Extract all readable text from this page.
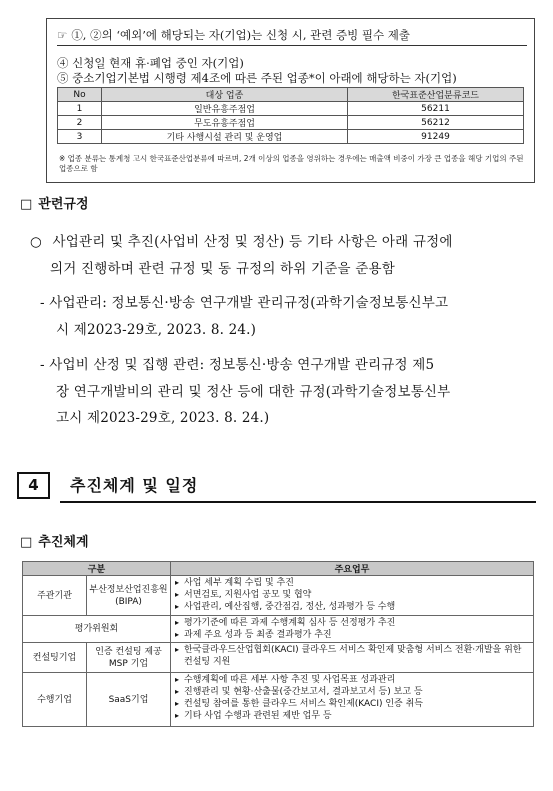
☞ ①, ②의 ‘예외’에 해당되는 자(기업)는 신청 시, 관련 증빙 필수 제출
④ 신청일 현재 휴·폐업 중인 자(기업)
⑤ 중소기업기본법 시행령 제4조에 따른 주된 업종*이 아래에 해당하는 자(기업)
No	대상 업종	한국표준산업분류코드
1	일반유흥주점업	56211
2	무도유흥주점업	56212
3	기타 사행시설 관리 및 운영업	91249
※ 업종 분류는 통계청 고시 한국표준산업분류에 따르며, 2개 이상의 업종을 영위하는 경우에는 매출액 비중이 가장 큰 업종을 해당 기업의 주된 업종으로 함
□ 관련규정
○ 사업관리 및 추진(사업비 산정 및 정산) 등 기타 사항은 아래 규정에
의거 진행하며 관련 규정 및 동 규정의 하위 기준을 준용함
- 사업관리: 정보통신·방송 연구개발 관리규정(과학기술정보통신부고
시 제2023-29호, 2023. 8. 24.)
- 사업비 산정 및 집행 관련: 정보통신·방송 연구개발 관리규정 제5
장 연구개발비의 관리 및 정산 등에 대한 규정(과학기술정보통신부
고시 제2023-29호, 2023. 8. 24.)
4	추진체계 및 일정
□ 추진체계
구분		주요업무
주관기관	부산정보산업진흥원 (BIPA)	▸ 사업 세부 계획 수립 및 추진
▸ 서면검토, 지원사업 공모 및 협약
▸ 사업관리, 예산집행, 중간점검, 정산, 성과평가 등 수행

평가위원회		▸ 평가기준에 따른 과제 수행계획 심사 등 선정평가 추진
▸ 과제 주요 성과 등 최종 결과평가 추진

컨설팅기업	인증 컨설팅 제공 MSP 기업	▸ 한국클라우드산업협회(KACI) 클라우드 서비스 확인제 맞춤형 서비스 전환·개발을 위한 컨설팅 지원

수행기업	SaaS기업	▸ 수행계획에 따른 세부 사항 추진 및 사업목표 성과관리
▸ 진행관리 및 현황·산출물(중간보고서, 결과보고서 등) 보고 등
▸ 컨설팅 참여를 통한 클라우드 서비스 확인제(KACI) 인증 취득
▸ 기타 사업 수행과 관련된 제반 업무 등
